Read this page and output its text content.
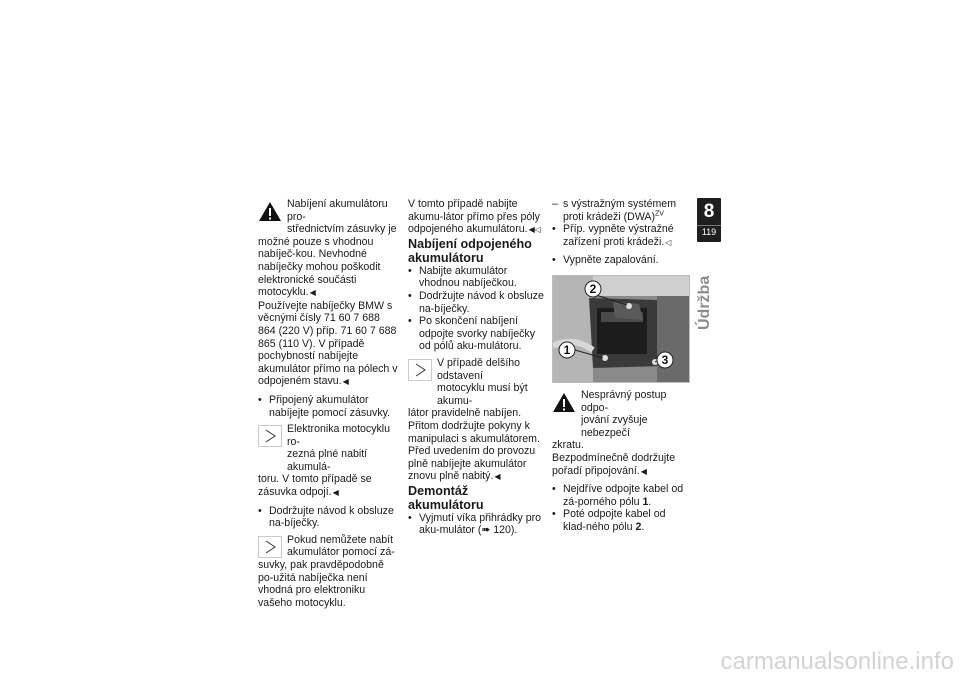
Nabíjení akumulátoru pro-

střednictvím zásuvky je

možné pouze s vhodnou nabíječ-kou. Nevhodné nabíječky mohou poškodit elektronické součásti motocyklu.◀

Používejte nabíječky BMW s věcnými čísly 71 60 7 688 864 (220 V) příp. 71 60 7 688 865 (110 V). V případě pochybností nabíjejte akumulátor přímo na pólech v odpojeném stavu.◀

• Připojený akumulátor nabíjejte pomocí zásuvky.

Elektronika motocyklu ro-

zezná plné nabití akumulá-

toru. V tomto případě se zásuvka odpojí.◀

• Dodržujte návod k obsluze na-bíječky.

Pokud nemůžete nabít

akumulátor pomocí zá-

suvky, pak pravděpodobně po-užitá nabíječka není vhodná pro elektroniku vašeho motocyklu.

V tomto případě nabijte akumu-látor přímo přes póly odpojeného akumulátoru.◀◁

Nabíjení odpojeného akumulátoru

• Nabijte akumulátor vhodnou nabíječkou.

• Dodržujte návod k obsluze na-bíječky.

• Po skončení nabíjení odpojte svorky nabíječky od pólů aku-mulátoru.

V případě delšího odstavení

motocyklu musí být akumu-

látor pravidelně nabíjen. Přitom dodržujte pokyny k manipulaci s akumulátorem. Před uvedením do provozu plně nabíjejte akumulátor znovu plně nabitý.◀

Demontáž akumulátoru

• Vyjmutí víka přihrádky pro aku-mulátor (➠ 120).

– s výstražným systémem proti krádeži (DWA)$^{ZV}$

• Příp. vypněte výstražné zařízení proti krádeži.◁

• Vypněte zapalování.

2
1
3

Nesprávný postup odpo-

jování zvyšuje nebezpečí

zkratu.

Bezpodmínečně dodržujte pořadí připojování.◀

• Nejdříve odpojte kabel od zá-porného pólu 1.

• Poté odpojte kabel od klad-ného pólu 2.

8
119
Údržba
carmanualsonline.info
